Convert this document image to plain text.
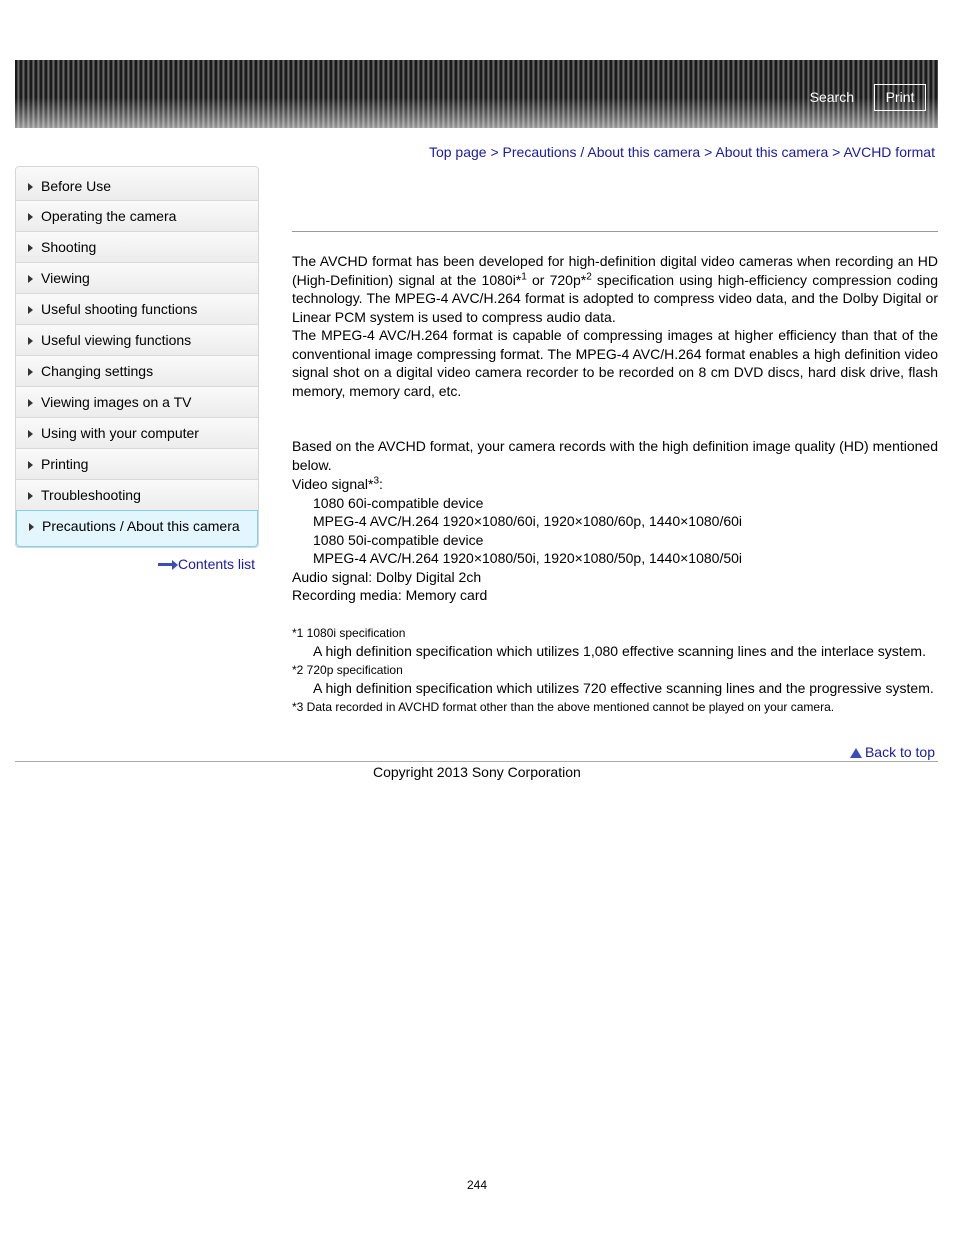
Search	Print
Top page > Precautions / About this camera > About this camera > AVCHD format
Before Use
Operating the camera
Shooting
Viewing
Useful shooting functions
Useful viewing functions
Changing settings
Viewing images on a TV
Using with your computer
Printing
Troubleshooting
Precautions / About this camera
Contents list

The AVCHD format has been developed for high-definition digital video cameras when recording an HD (High-Definition) signal at the 1080i*$^1$ or 720p*$^2$ specification using high-efficiency compression coding technology. The MPEG-4 AVC/H.264 format is adopted to compress video data, and the Dolby Digital or Linear PCM system is used to compress audio data.

The MPEG-4 AVC/H.264 format is capable of compressing images at higher efficiency than that of the conventional image compressing format. The MPEG-4 AVC/H.264 format enables a high definition video signal shot on a digital video camera recorder to be recorded on 8 cm DVD discs, hard disk drive, flash memory, memory card, etc.

Based on the AVCHD format, your camera records with the high definition image quality (HD) mentioned below.

Video signal*$^3$:

1080 60i-compatible device

MPEG-4 AVC/H.264 1920×1080/60i, 1920×1080/60p, 1440×1080/60i

1080 50i-compatible device

MPEG-4 AVC/H.264 1920×1080/50i, 1920×1080/50p, 1440×1080/50i

Audio signal: Dolby Digital 2ch

Recording media: Memory card

*1 1080i specification

A high definition specification which utilizes 1,080 effective scanning lines and the interlace system.

*2 720p specification

A high definition specification which utilizes 720 effective scanning lines and the progressive system.

*3 Data recorded in AVCHD format other than the above mentioned cannot be played on your camera.

Back to top
Copyright 2013 Sony Corporation
244
